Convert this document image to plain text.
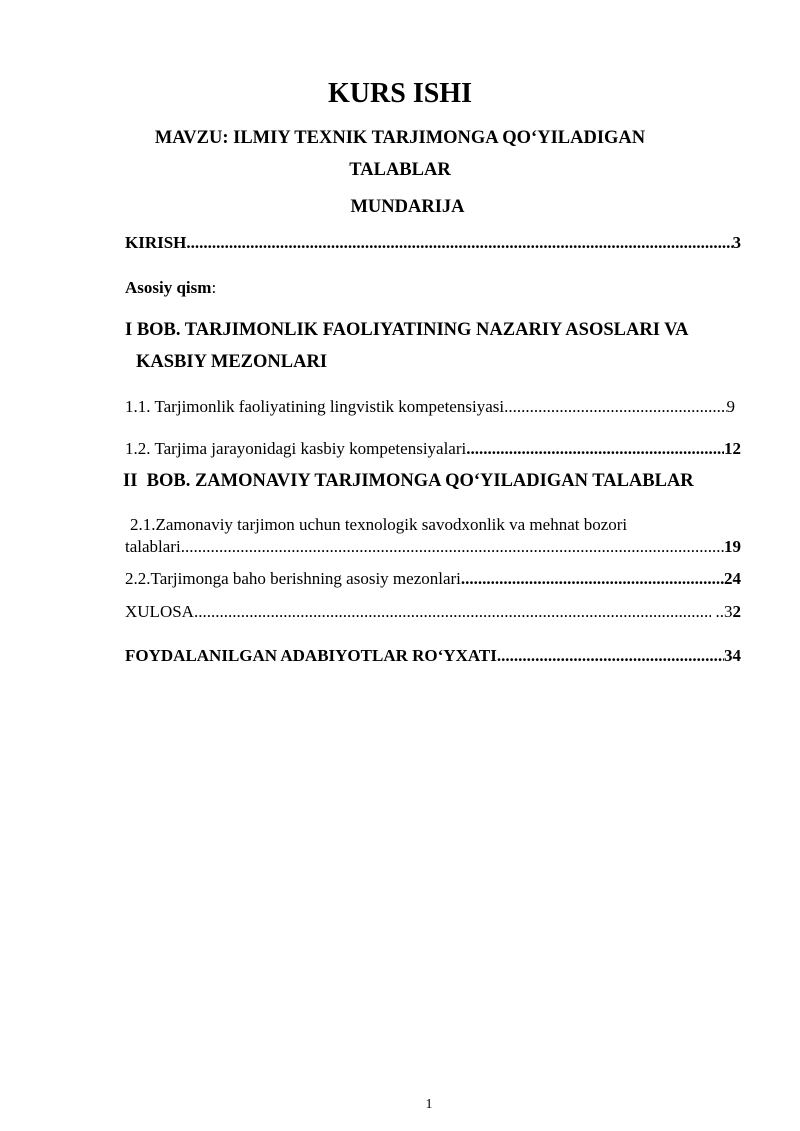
KURS ISHI
MAVZU: ILMIY TEXNIK TARJIMONGA QO‘YILADIGAN
TALABLAR
MUNDARIJA
KIRISH .....	3
Asosiy qism:
I BOB. TARJIMONLIK FAOLIYATINING NAZARIY ASOSLARI VA
KASBIY MEZONLARI
1.1. Tarjimonlik faoliyatining lingvistik kompetensiyasi .....	9
1.2. Tarjima jarayonidagi kasbiy kompetensiyalari .....	12
II  BOB. ZAMONAVIY TARJIMONGA QO‘YILADIGAN TALABLAR
2.1.Zamonaviy tarjimon uchun texnologik savodxonlik va mehnat bozori
talablari .....	19
2.2.Tarjimonga baho berishning asosiy mezonlari .....	24
XULOSA .....	..3 2
FOYDALANILGAN ADABIYOTLAR RO‘YXATI .....	34
1
